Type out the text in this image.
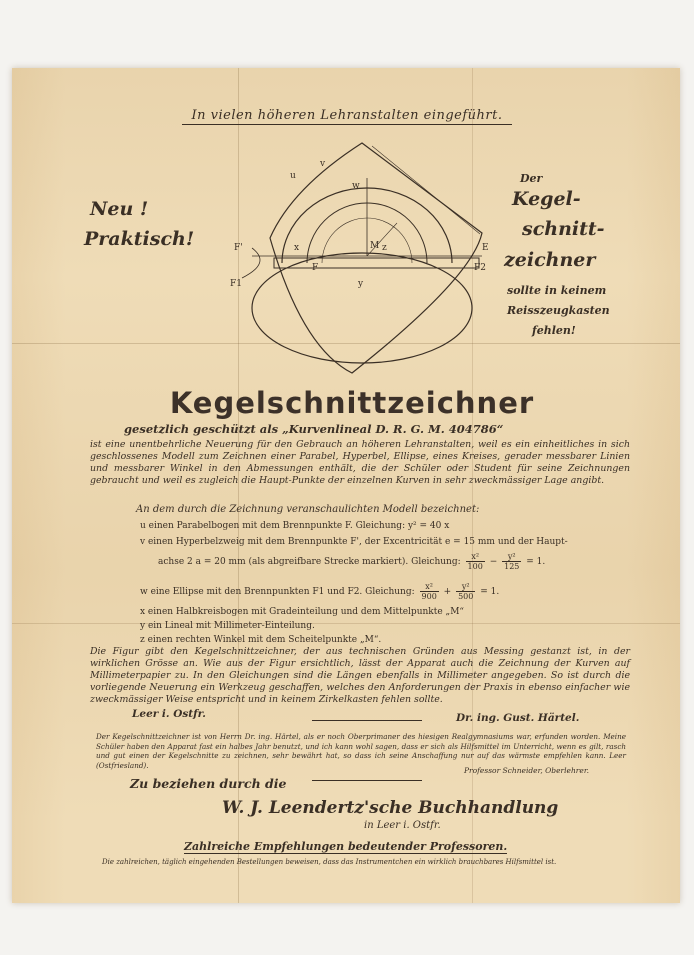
In vielen höheren Lehranstalten eingeführt.
Neu !
Praktisch!
Der
Kegel-
schnitt-
zeichner
sollte in keinem
Reisszeugkasten
fehlen!
u
v
w
x
y
z
M
F'
F1
F2
F
E
Kegelschnittzeichner
gesetzlich geschützt als „Kurvenlineal D. R. G. M. 404786“
ist eine unentbehrliche Neuerung für den Gebrauch an höheren Lehranstalten, weil es ein einheitliches in sich geschlossenes Modell zum Zeichnen einer Parabel, Hyperbel, Ellipse, eines Kreises, gerader messbarer Linien und messbarer Winkel in den Abmessungen enthält, die der Schüler oder Student für seine Zeichnungen gebraucht und weil es zugleich die Haupt-Punkte der einzelnen Kurven in sehr zweckmässiger Lage angibt.
An dem durch die Zeichnung veranschaulichten Modell bezeichnet:
u einen Parabelbogen mit dem Brennpunkte F. Gleichung: y² = 40 x
v einen Hyperbelzweig mit dem Brennpunkte F', der Excentricität e = 15 mm und der Haupt-
achse 2 a = 20 mm (als abgreifbare Strecke markiert). Gleichung: $\frac{\text{x²}}{100} - \frac{\text{y²}}{125} = 1$.
w eine Ellipse mit den Brennpunkten F1 und F2. Gleichung: $\frac{\text{x²}}{900} + \frac{\text{y²}}{500} = 1$.
x einen Halbkreisbogen mit Gradeinteilung und dem Mittelpunkte „M“
y ein Lineal mit Millimeter-Einteilung.
z einen rechten Winkel mit dem Scheitelpunkte „M“.
Die Figur gibt den Kegelschnittzeichner, der aus technischen Gründen aus Messing gestanzt ist, in der wirklichen Grösse an. Wie aus der Figur ersichtlich, lässt der Apparat auch die Zeichnung der Kurven auf Millimeterpapier zu. In den Gleichungen sind die Längen ebenfalls in Millimeter angegeben. So ist durch die vorliegende Neuerung ein Werkzeug geschaffen, welches den Anforderungen der Praxis in ebenso einfacher wie zweckmässiger Weise entspricht und in keinem Zirkelkasten fehlen sollte.
Leer i. Ostfr.	Dr. ing. Gust. Härtel.
Der Kegelschnittzeichner ist von Herrn Dr. ing. Härtel, als er noch Oberprimaner des hiesigen Realgymnasiums war, erfunden worden. Meine Schüler haben den Apparat fast ein halbes Jahr benutzt, und ich kann wohl sagen, dass er sich als Hilfsmittel im Unterricht, wenn es gilt, rasch und gut einen der Kegelschnitte zu zeichnen, sehr bewährt hat, so dass ich seine Anschaffung nur auf das wärmste empfehlen kann. Leer (Ostfriesland).
Professor Schneider, Oberlehrer.
Zu beziehen durch die
W. J. Leendertz'sche Buchhandlung
in Leer i. Ostfr.
Zahlreiche Empfehlungen bedeutender Professoren.
Die zahlreichen, täglich eingehenden Bestellungen beweisen, dass das Instrumentchen ein wirklich brauchbares Hilfsmittel ist.
